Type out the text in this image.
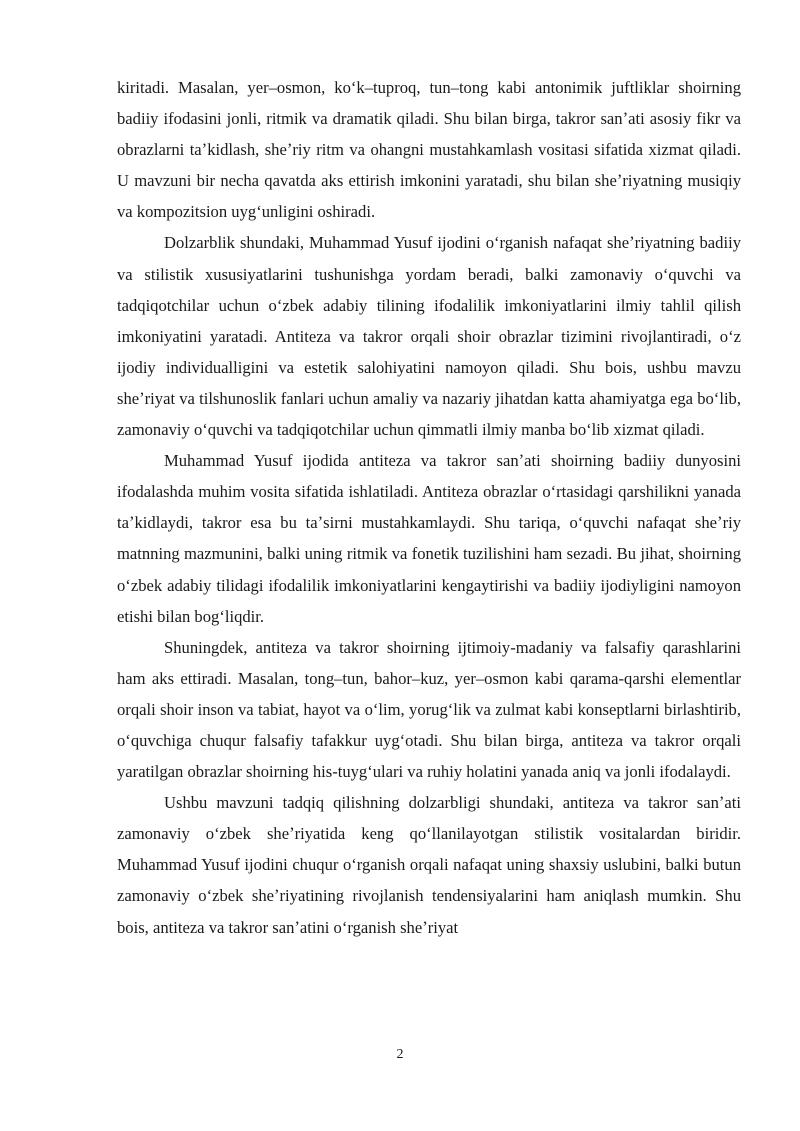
kiritadi. Masalan, yer–osmon, koʻk–tuproq, tun–tong kabi antonimik juftliklar shoirning badiiy ifodasini jonli, ritmik va dramatik qiladi. Shu bilan birga, takror sanʼati asosiy fikr va obrazlarni taʼkidlash, sheʼriy ritm va ohangni mustahkamlash vositasi sifatida xizmat qiladi. U mavzuni bir necha qavatda aks ettirish imkonini yaratadi, shu bilan sheʼriyatning musiqiy va kompozitsion uygʻunligini oshiradi.

Dolzarblik shundaki, Muhammad Yusuf ijodini oʻrganish nafaqat sheʼriyatning badiiy va stilistik xususiyatlarini tushunishga yordam beradi, balki zamonaviy oʻquvchi va tadqiqotchilar uchun oʻzbek adabiy tilining ifodalilik imkoniyatlarini ilmiy tahlil qilish imkoniyatini yaratadi. Antiteza va takror orqali shoir obrazlar tizimini rivojlantiradi, oʻz ijodiy individualligini va estetik salohiyatini namoyon qiladi. Shu bois, ushbu mavzu sheʼriyat va tilshunoslik fanlari uchun amaliy va nazariy jihatdan katta ahamiyatga ega boʻlib, zamonaviy oʻquvchi va tadqiqotchilar uchun qimmatli ilmiy manba boʻlib xizmat qiladi.

Muhammad Yusuf ijodida antiteza va takror sanʼati shoirning badiiy dunyosini ifodalashda muhim vosita sifatida ishlatiladi. Antiteza obrazlar oʻrtasidagi qarshilikni yanada taʼkidlaydi, takror esa bu taʼsirni mustahkamlaydi. Shu tariqa, oʻquvchi nafaqat sheʼriy matnning mazmunini, balki uning ritmik va fonetik tuzilishini ham sezadi. Bu jihat, shoirning oʻzbek adabiy tilidagi ifodalilik imkoniyatlarini kengaytirishi va badiiy ijodiyligini namoyon etishi bilan bogʻliqdir.

Shuningdek, antiteza va takror shoirning ijtimoiy-madaniy va falsafiy qarashlarini ham aks ettiradi. Masalan, tong–tun, bahor–kuz, yer–osmon kabi qarama-qarshi elementlar orqali shoir inson va tabiat, hayot va oʻlim, yorugʻlik va zulmat kabi konseptlarni birlashtirib, oʻquvchiga chuqur falsafiy tafakkur uygʻotadi. Shu bilan birga, antiteza va takror orqali yaratilgan obrazlar shoirning his-tuygʻulari va ruhiy holatini yanada aniq va jonli ifodalaydi.

Ushbu mavzuni tadqiq qilishning dolzarbligi shundaki, antiteza va takror sanʼati zamonaviy oʻzbek sheʼriyatida keng qoʻllanilayotgan stilistik vositalardan biridir. Muhammad Yusuf ijodini chuqur oʻrganish orqali nafaqat uning shaxsiy uslubini, balki butun zamonaviy oʻzbek sheʼriyatining rivojlanish tendensiyalarini ham aniqlash mumkin. Shu bois, antiteza va takror sanʼatini oʻrganish sheʼriyat

2
